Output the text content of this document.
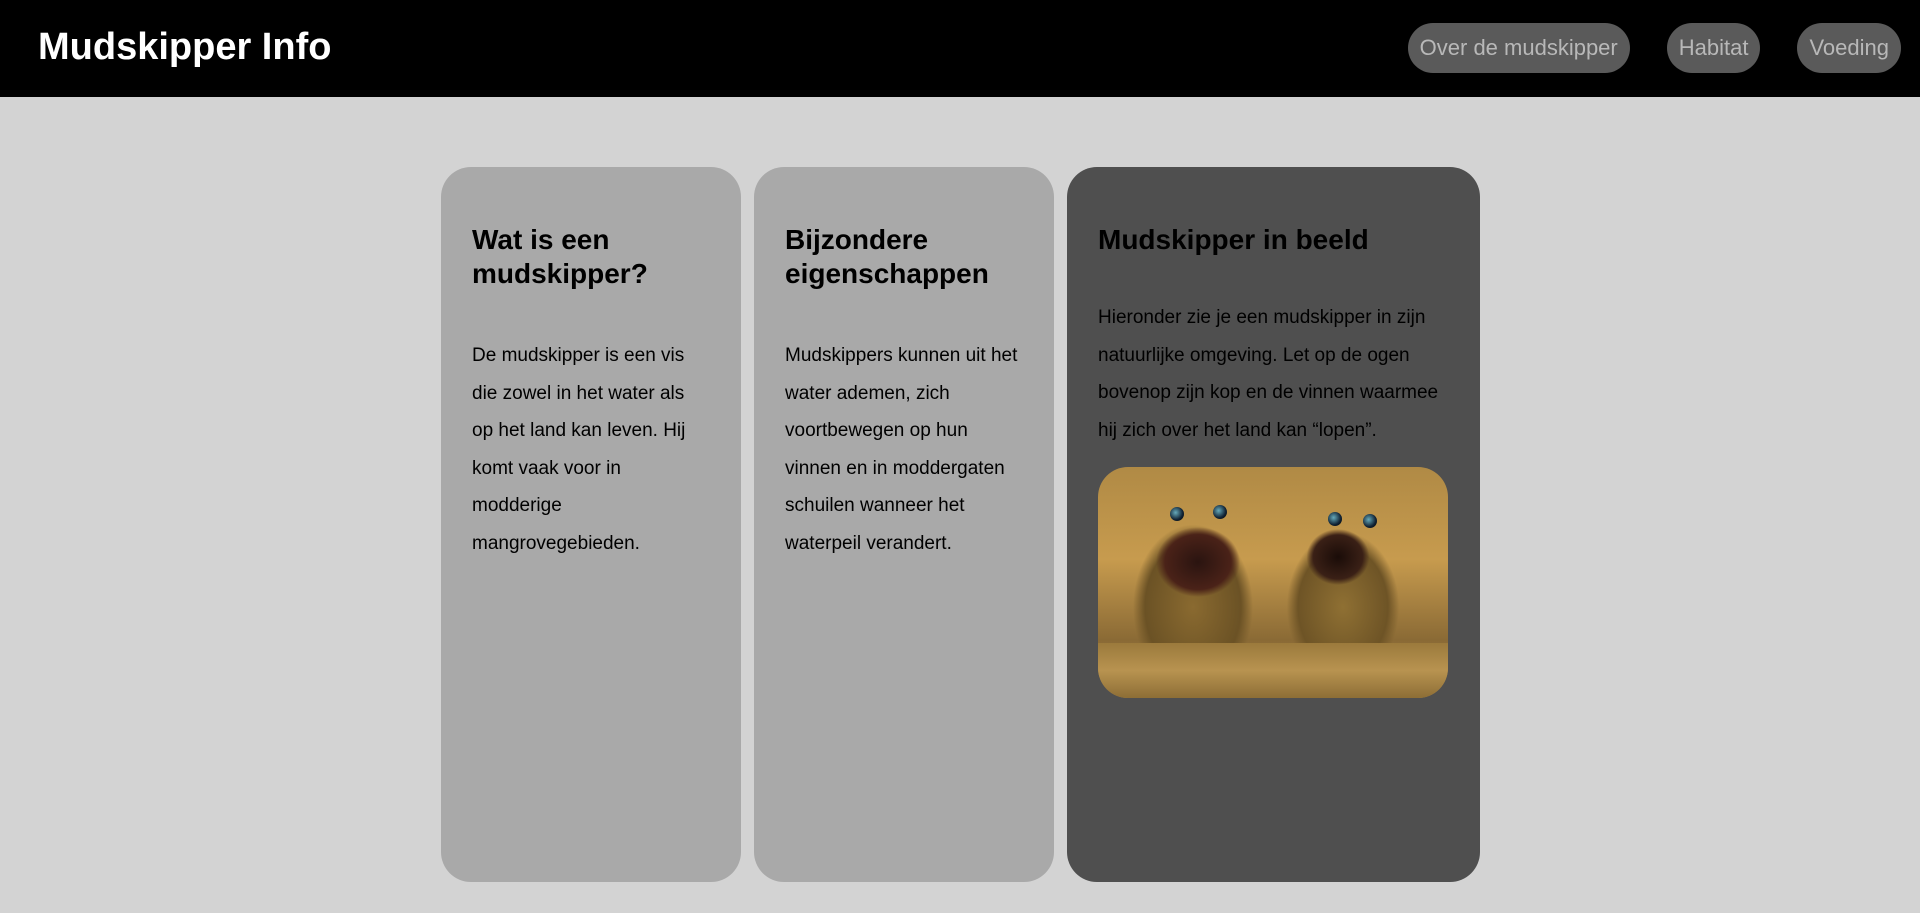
Mudskipper Info	Over de mudskipper	Habitat	Voeding
Wat is een mudskipper?

De mudskipper is een vis die zowel in het water als op het land kan leven. Hij komt vaak voor in modderige mangrovegebieden.

Bijzondere eigenschappen

Mudskippers kunnen uit het water ademen, zich voortbewegen op hun vinnen en in moddergaten schuilen wanneer het waterpeil verandert.

Mudskipper in beeld

Hieronder zie je een mudskipper in zijn natuurlijke omgeving. Let op de ogen bovenop zijn kop en de vinnen waarmee hij zich over het land kan “lopen”.
